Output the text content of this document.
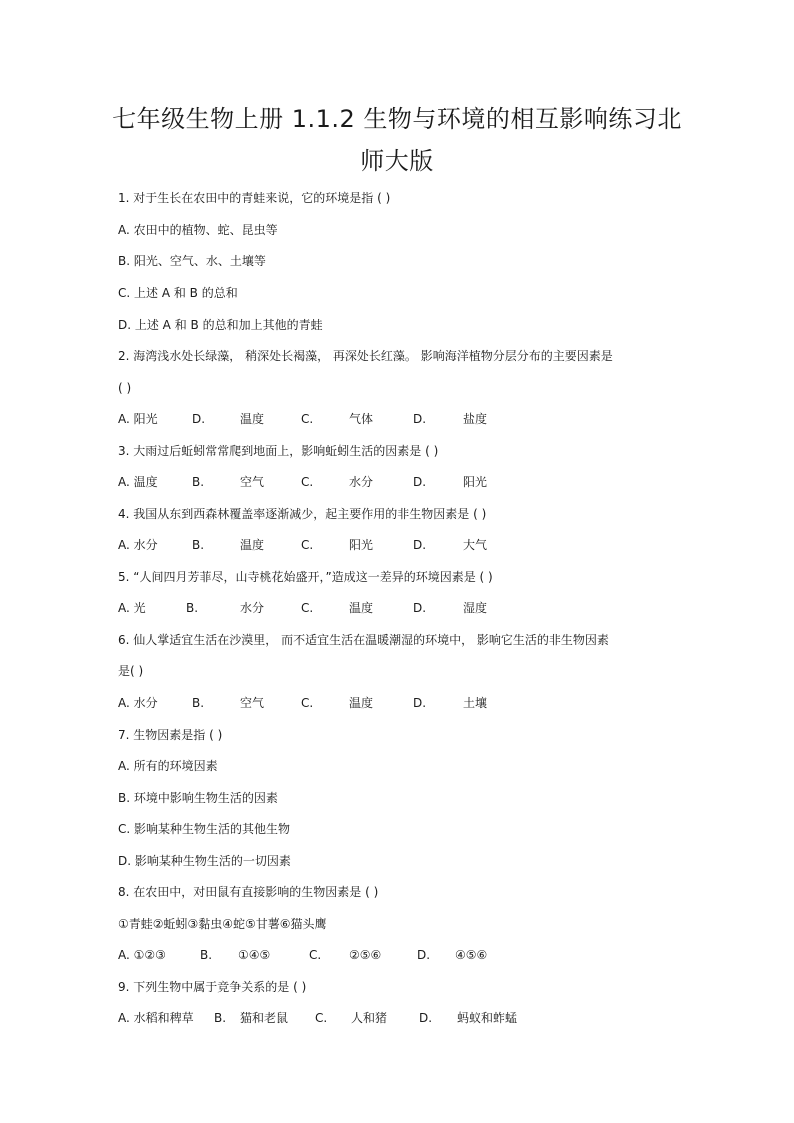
七年级生物上册 1.1.2 生物与环境的相互影响练习北
师大版
1. 对于生长在农田中的青蛙来说，它的环境是指 ( )
A. 农田中的植物、蛇、昆虫等
B. 阳光、空气、水、土壤等
C. 上述 A 和 B 的总和
D. 上述 A 和 B 的总和加上其他的青蛙
2. 海湾浅水处长绿藻， 稍深处长褐藻， 再深处长红藻。 影响海洋植物分层分布的主要因素是
( )
A. 阳光	D.	温度	C.	气体	D.	盐度
3. 大雨过后蚯蚓常常爬到地面上，影响蚯蚓生活的因素是 ( )
A. 温度	B.	空气	C.	水分	D.	阳光
4. 我国从东到西森林覆盖率逐渐减少，起主要作用的非生物因素是 ( )
A. 水分	B.	温度	C.	阳光	D.	大气
5. “人间四月芳菲尽，山寺桃花始盛开，”造成这一差异的环境因素是 ( )
A. 光	B.	水分	C.	温度	D.	湿度
6. 仙人掌适宜生活在沙漠里， 而不适宜生活在温暖潮湿的环境中， 影响它生活的非生物因素
是( )
A. 水分	B.	空气	C.	温度	D.	土壤
7. 生物因素是指 ( )
A. 所有的环境因素
B. 环境中影响生物生活的因素
C. 影响某种生物生活的其他生物
D. 影响某种生物生活的一切因素
8. 在农田中，对田鼠有直接影响的生物因素是 ( )
①青蛙②蚯蚓③黏虫④蛇⑤甘薯⑥猫头鹰
A. ①②③	B. ①④⑤	C. ②⑤⑥	D. ④⑤⑥
9. 下列生物中属于竞争关系的是 ( )
A. 水稻和稗草 B. 猫和老鼠 C. 人和猪	D. 蚂蚁和蚱蜢
